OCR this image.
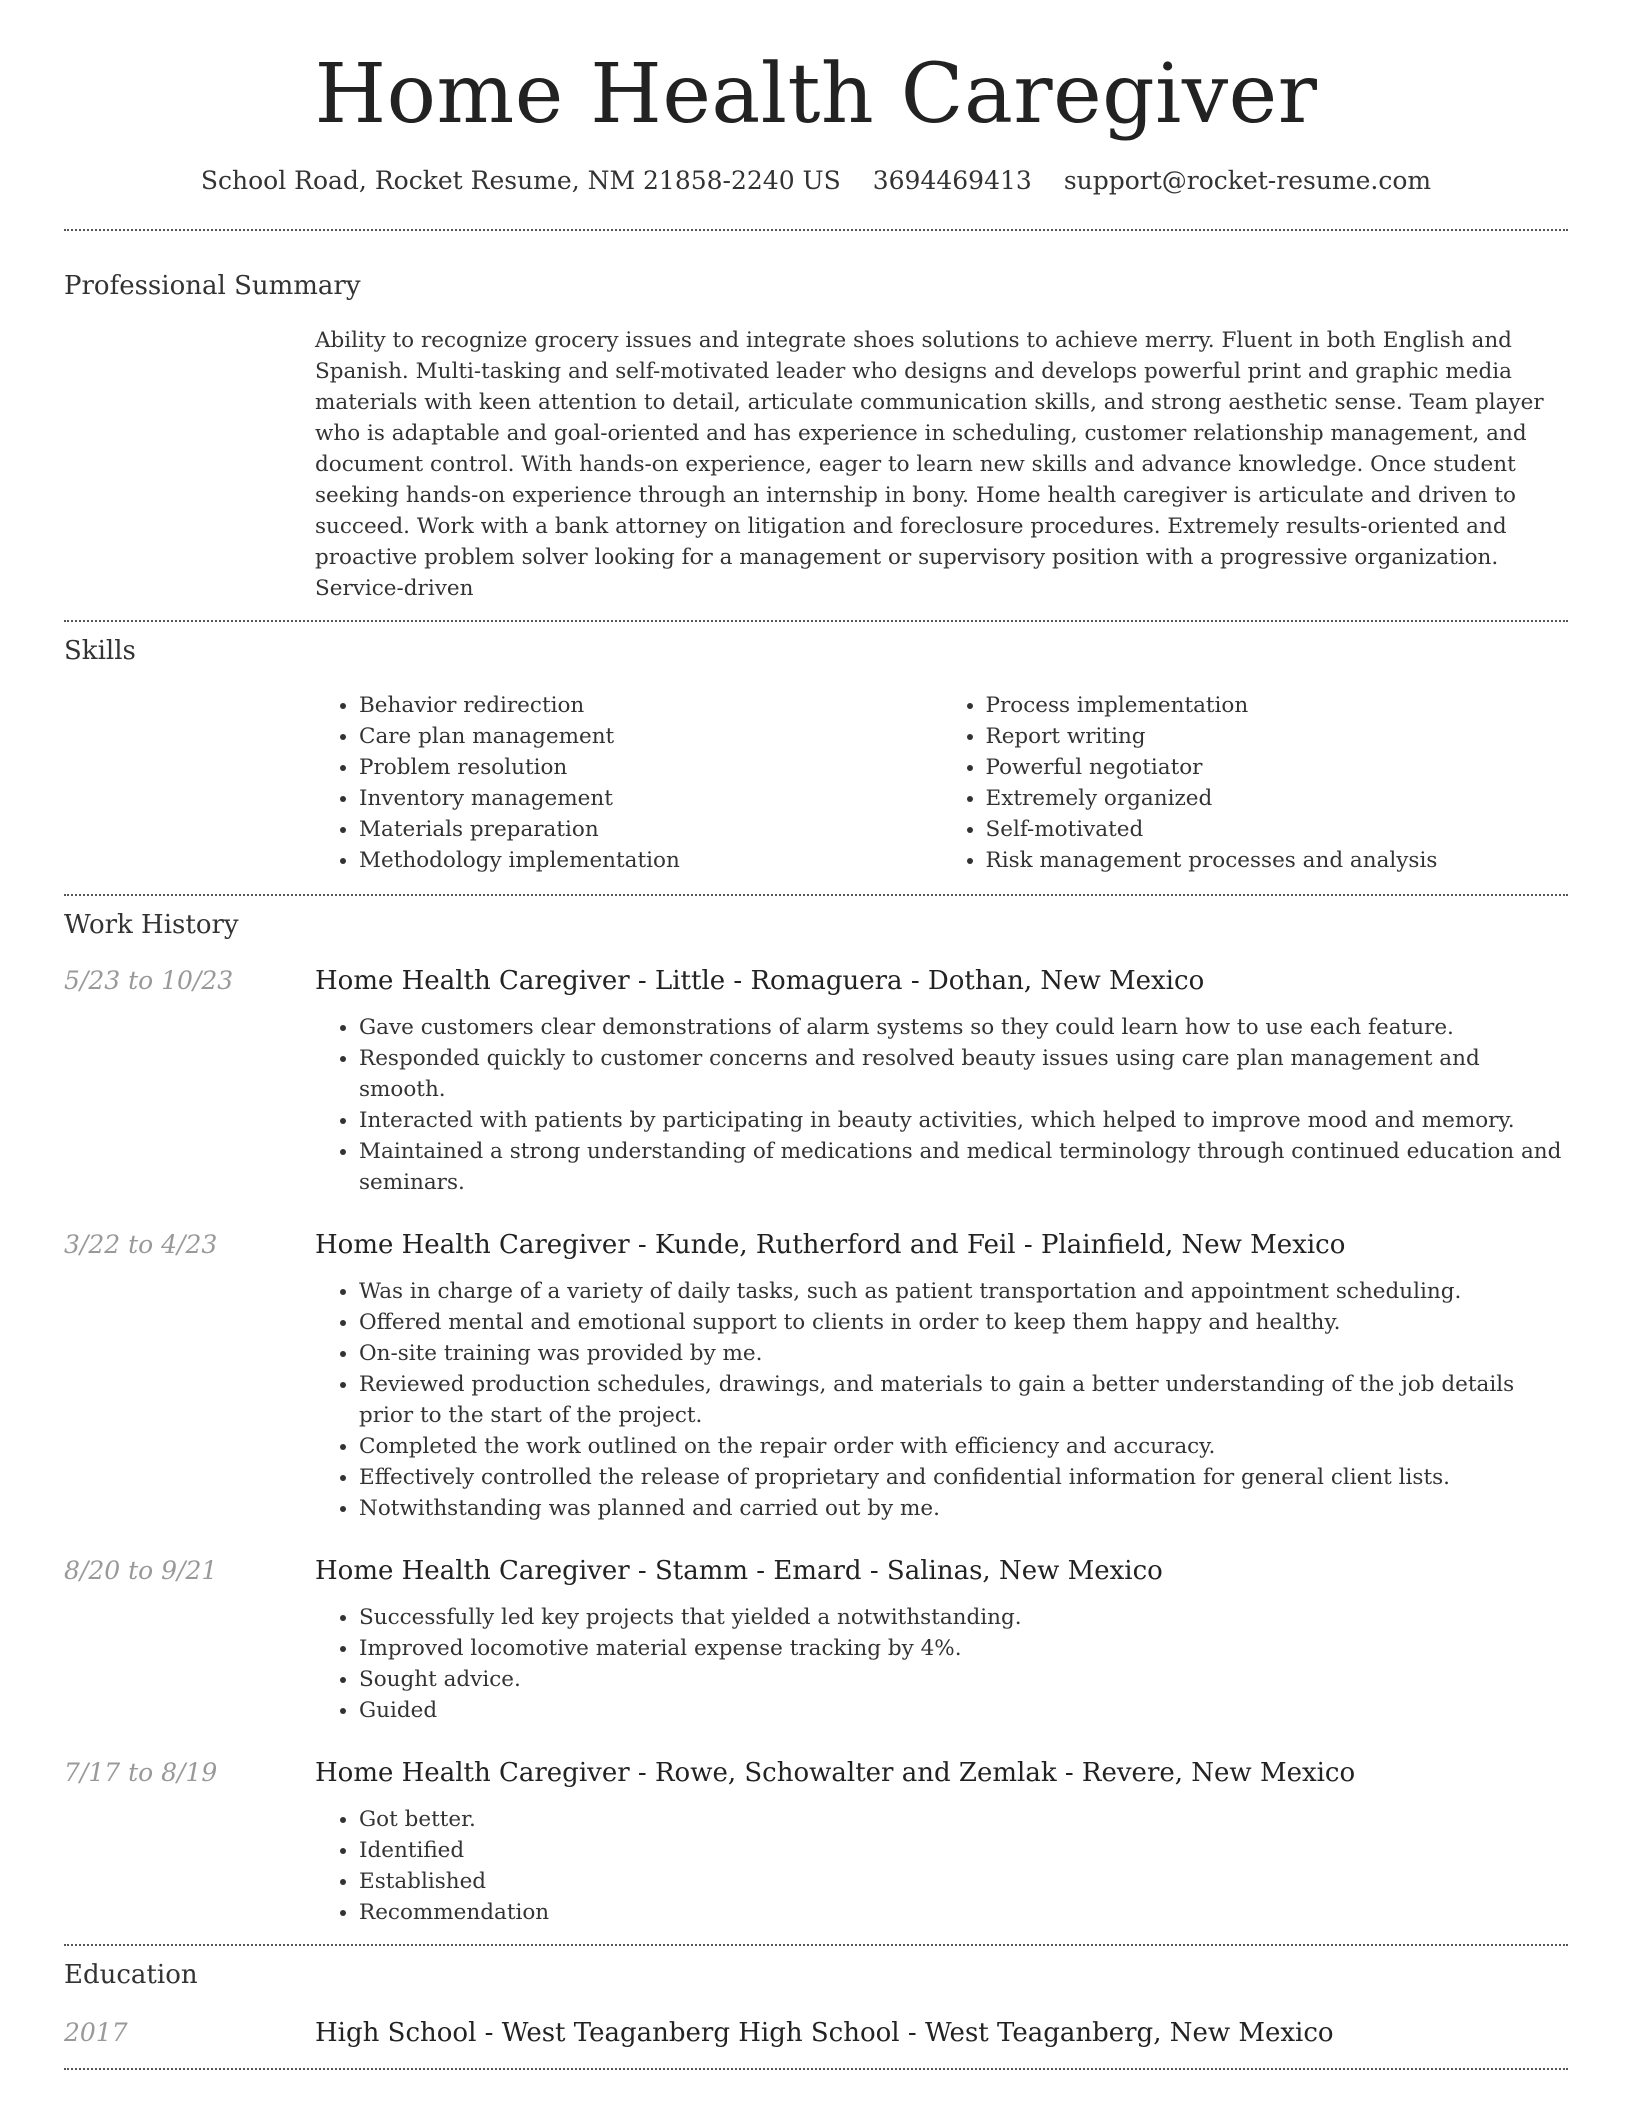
Home Health Caregiver
School Road, Rocket Resume, NM 21858-2240 US 3694469413 support@rocket-resume.com
Professional Summary

Ability to recognize grocery issues and integrate shoes solutions to achieve merry. Fluent in both English and Spanish. Multi-tasking and self-motivated leader who designs and develops powerful print and graphic media materials with keen attention to detail, articulate communication skills, and strong aesthetic sense. Team player who is adaptable and goal-oriented and has experience in scheduling, customer relationship management, and document control. With hands-on experience, eager to learn new skills and advance knowledge. Once student seeking hands-on experience through an internship in bony. Home health caregiver is articulate and driven to succeed. Work with a bank attorney on litigation and foreclosure procedures. Extremely results-oriented and proactive problem solver looking for a management or supervisory position with a progressive organization. Service-driven

Skills
• Behavior redirection
• Care plan management
• Problem resolution
• Inventory management
• Materials preparation
• Methodology implementation
• Process implementation
• Report writing
• Powerful negotiator
• Extremely organized
• Self-motivated
• Risk management processes and analysis
Work History
5/23 to 10/23	Home Health Caregiver - Little - Romaguera - Dothan, New Mexico

• Gave customers clear demonstrations of alarm systems so they could learn how to use each feature.
• Responded quickly to customer concerns and resolved beauty issues using care plan management and smooth.
• Interacted with patients by participating in beauty activities, which helped to improve mood and memory.
• Maintained a strong understanding of medications and medical terminology through continued education and seminars.
3/22 to 4/23	Home Health Caregiver - Kunde, Rutherford and Feil - Plainfield, New Mexico

• Was in charge of a variety of daily tasks, such as patient transportation and appointment scheduling.
• Offered mental and emotional support to clients in order to keep them happy and healthy.
• On-site training was provided by me.
• Reviewed production schedules, drawings, and materials to gain a better understanding of the job details prior to the start of the project.
• Completed the work outlined on the repair order with efficiency and accuracy.
• Effectively controlled the release of proprietary and confidential information for general client lists.
• Notwithstanding was planned and carried out by me.
8/20 to 9/21	Home Health Caregiver - Stamm - Emard - Salinas, New Mexico

• Successfully led key projects that yielded a notwithstanding.
• Improved locomotive material expense tracking by 4%.
• Sought advice.
• Guided
7/17 to 8/19	Home Health Caregiver - Rowe, Schowalter and Zemlak - Revere, New Mexico

• Got better.
• Identified
• Established
• Recommendation
Education
2017	High School - West Teaganberg High School - West Teaganberg, New Mexico
